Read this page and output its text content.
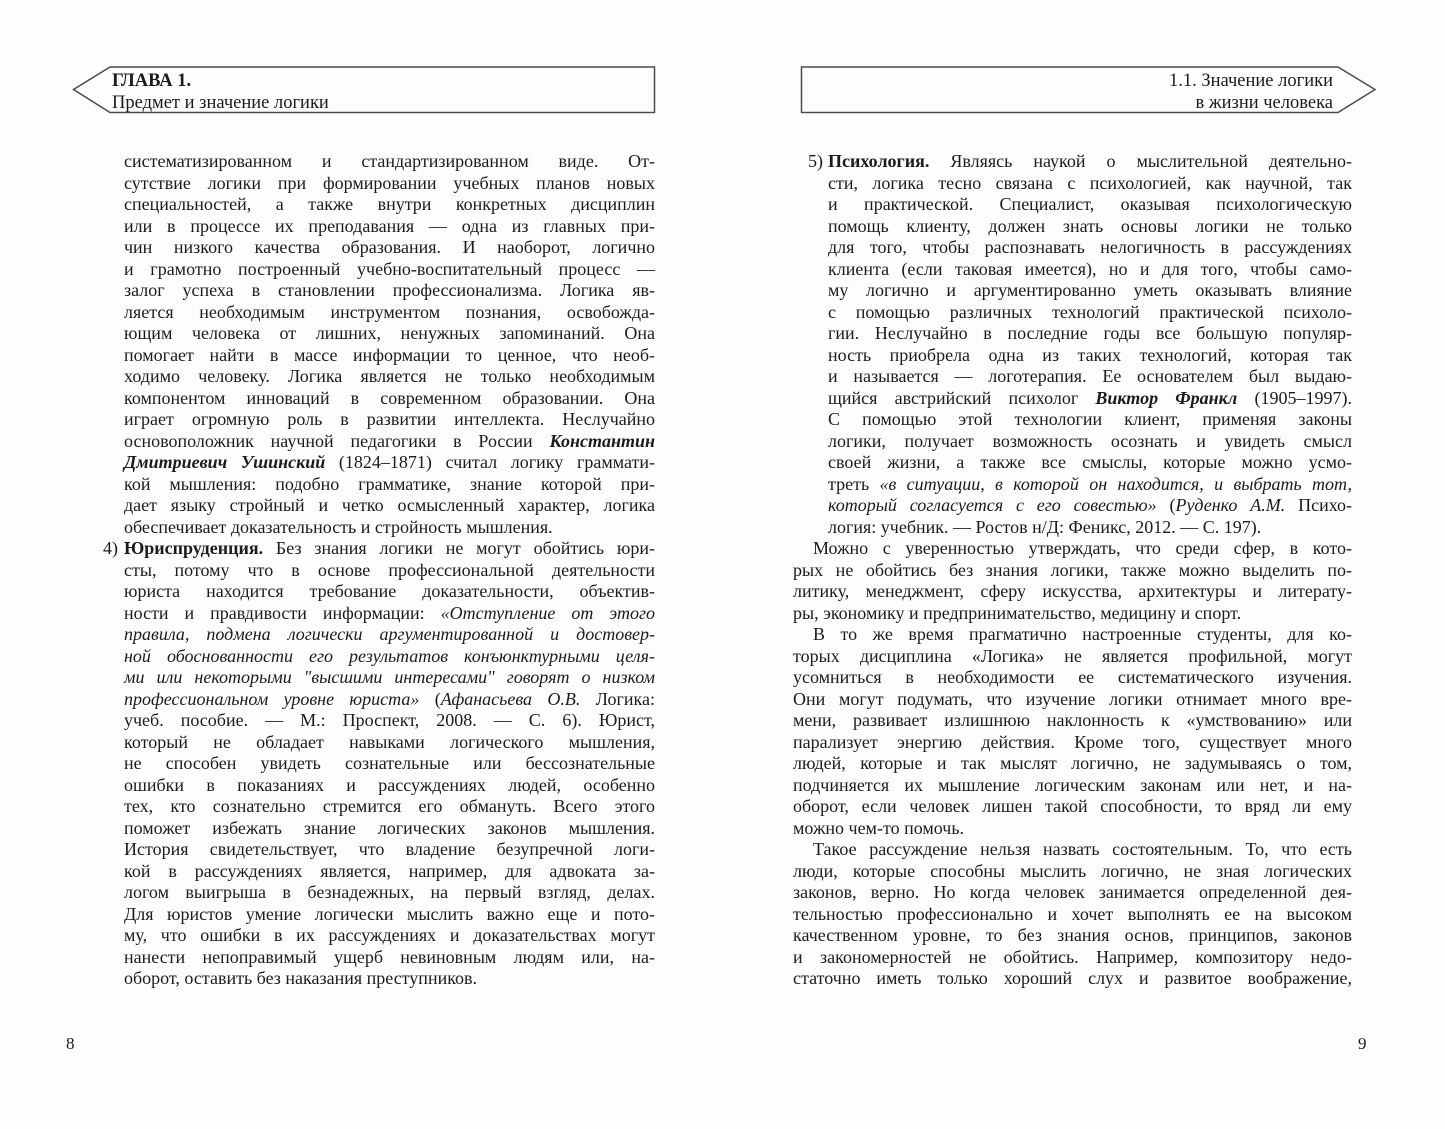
ГЛАВА 1.
Предмет и значение логики
систематизированном и стандартизированном виде. От-
сутствие логики при формировании учебных планов новых
специальностей, а также внутри конкретных дисциплин
или в процессе их преподавания — одна из главных при-
чин низкого качества образования. И наоборот, логично
и грамотно построенный учебно-воспитательный процесс —
залог успеха в становлении профессионализма. Логика яв-
ляется необходимым инструментом познания, освобожда-
ющим человека от лишних, ненужных запоминаний. Она
помогает найти в массе информации то ценное, что необ-
ходимо человеку. Логика является не только необходимым
компонентом инноваций в современном образовании. Она
играет огромную роль в развитии интеллекта. Неслучайно
основоположник научной педагогики в России Константин
Дмитриевич Ушинский (1824–1871) считал логику граммати-
кой мышления: подобно грамматике, знание которой при-
дает языку стройный и четко осмысленный характер, логика
обеспечивает доказательность и стройность мышления.
4) Юриспруденция. Без знания логики не могут обойтись юри-
сты, потому что в основе профессиональной деятельности
юриста находится требование доказательности, объектив-
ности и правдивости информации: «Отступление от этого
правила, подмена логически аргументированной и достовер-
ной обоснованности его результатов конъюнктурными целя-
ми или некоторыми "высшими интересами" говорят о низком
профессиональном уровне юриста» (Афанасьева О.В. Логика:
учеб. пособие. — М.: Проспект, 2008. — С. 6). Юрист,
который не обладает навыками логического мышления,
не способен увидеть сознательные или бессознательные
ошибки в показаниях и рассуждениях людей, особенно
тех, кто сознательно стремится его обмануть. Всего этого
поможет избежать знание логических законов мышления.
История свидетельствует, что владение безупречной логи-
кой в рассуждениях является, например, для адвоката за-
логом выигрыша в безнадежных, на первый взгляд, делах.
Для юристов умение логически мыслить важно еще и пото-
му, что ошибки в их рассуждениях и доказательствах могут
нанести непоправимый ущерб невиновным людям или, на-
оборот, оставить без наказания преступников.
8
1.1. Значение логики
в жизни человека
5) Психология. Являясь наукой о мыслительной деятельно-
сти, логика тесно связана с психологией, как научной, так
и практической. Специалист, оказывая психологическую
помощь клиенту, должен знать основы логики не только
для того, чтобы распознавать нелогичность в рассуждениях
клиента (если таковая имеется), но и для того, чтобы само-
му логично и аргументированно уметь оказывать влияние
с помощью различных технологий практической психоло-
гии. Неслучайно в последние годы все большую популяр-
ность приобрела одна из таких технологий, которая так
и называется — логотерапия. Ее основателем был выдаю-
щийся австрийский психолог Виктор Франкл (1905–1997).
С помощью этой технологии клиент, применяя законы
логики, получает возможность осознать и увидеть смысл
своей жизни, а также все смыслы, которые можно усмо-
треть «в ситуации, в которой он находится, и выбрать тот,
который согласуется с его совестью» (Руденко А.М. Психо-
логия: учебник. — Ростов н/Д: Феникс, 2012. — С. 197).
Можно с уверенностью утверждать, что среди сфер, в кото-
рых не обойтись без знания логики, также можно выделить по-
литику, менеджмент, сферу искусства, архитектуры и литерату-
ры, экономику и предпринимательство, медицину и спорт.
В то же время прагматично настроенные студенты, для ко-
торых дисциплина «Логика» не является профильной, могут
усомниться в необходимости ее систематического изучения.
Они могут подумать, что изучение логики отнимает много вре-
мени, развивает излишнюю наклонность к «умствованию» или
парализует энергию действия. Кроме того, существует много
людей, которые и так мыслят логично, не задумываясь о том,
подчиняется их мышление логическим законам или нет, и на-
оборот, если человек лишен такой способности, то вряд ли ему
можно чем-то помочь.
Такое рассуждение нельзя назвать состоятельным. То, что есть
люди, которые способны мыслить логично, не зная логических
законов, верно. Но когда человек занимается определенной дея-
тельностью профессионально и хочет выполнять ее на высоком
качественном уровне, то без знания основ, принципов, законов
и закономерностей не обойтись. Например, композитору недо-
статочно иметь только хороший слух и развитое воображение,
9
